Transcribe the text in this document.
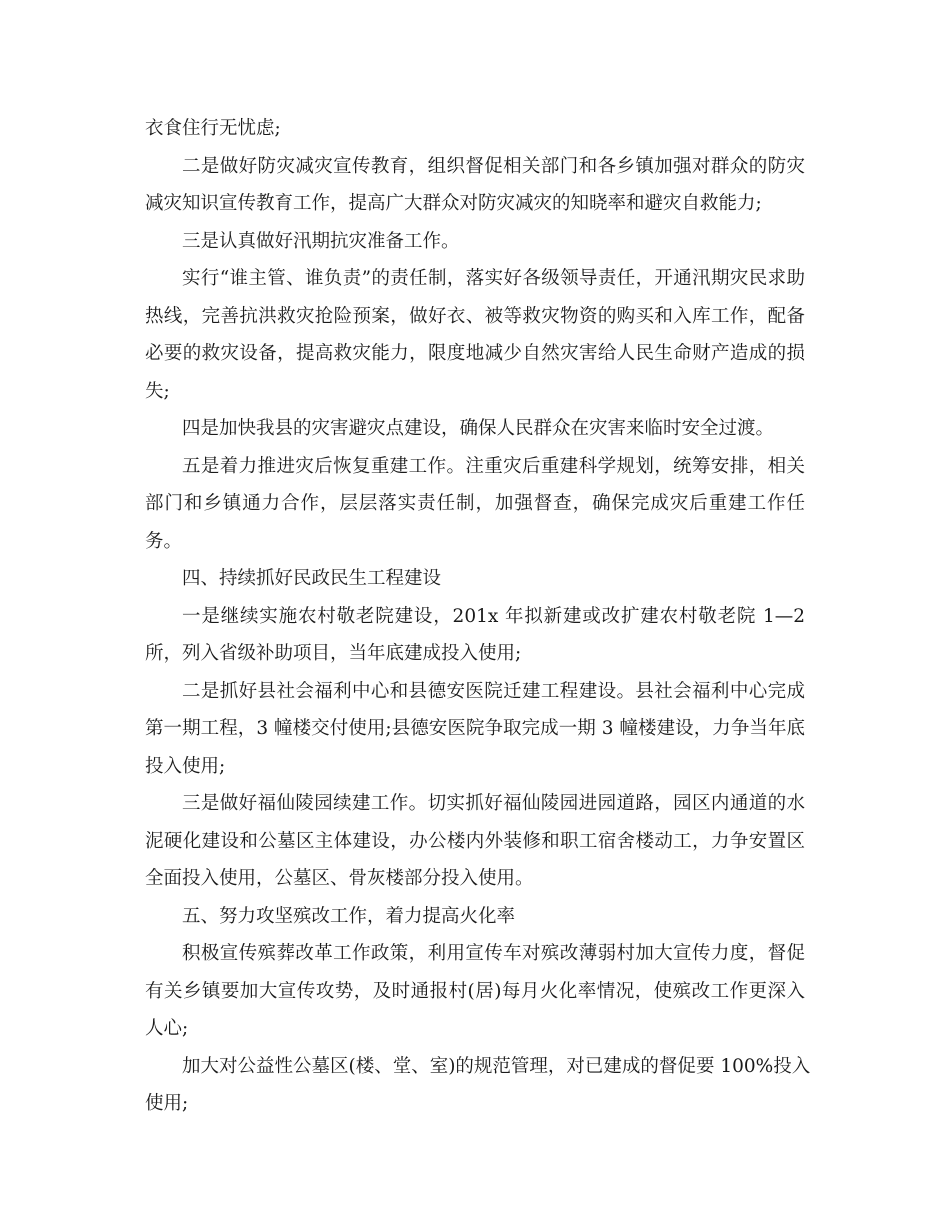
衣食住行无忧虑;
二是做好防灾减灾宣传教育，组织督促相关部门和各乡镇加强对群众的防灾
减灾知识宣传教育工作，提高广大群众对防灾减灾的知晓率和避灾自救能力;
三是认真做好汛期抗灾准备工作。
实行“谁主管、谁负责”的责任制，落实好各级领导责任，开通汛期灾民求助
热线，完善抗洪救灾抢险预案，做好衣、被等救灾物资的购买和入库工作，配备
必要的救灾设备，提高救灾能力，限度地减少自然灾害给人民生命财产造成的损
失;
四是加快我县的灾害避灾点建设，确保人民群众在灾害来临时安全过渡。
五是着力推进灾后恢复重建工作。注重灾后重建科学规划，统筹安排，相关
部门和乡镇通力合作，层层落实责任制，加强督查，确保完成灾后重建工作任
务。
四、持续抓好民政民生工程建设
一是继续实施农村敬老院建设，201x 年拟新建或改扩建农村敬老院 1—2
所，列入省级补助项目，当年底建成投入使用;
二是抓好县社会福利中心和县德安医院迁建工程建设。县社会福利中心完成
第一期工程，3 幢楼交付使用;县德安医院争取完成一期 3 幢楼建设，力争当年底
投入使用;
三是做好福仙陵园续建工作。切实抓好福仙陵园进园道路，园区内通道的水
泥硬化建设和公墓区主体建设，办公楼内外装修和职工宿舍楼动工，力争安置区
全面投入使用，公墓区、骨灰楼部分投入使用。
五、努力攻坚殡改工作，着力提高火化率
积极宣传殡葬改革工作政策，利用宣传车对殡改薄弱村加大宣传力度，督促
有关乡镇要加大宣传攻势，及时通报村(居)每月火化率情况，使殡改工作更深入
人心;
加大对公益性公墓区(楼、堂、室)的规范管理，对已建成的督促要 100%投入
使用;
